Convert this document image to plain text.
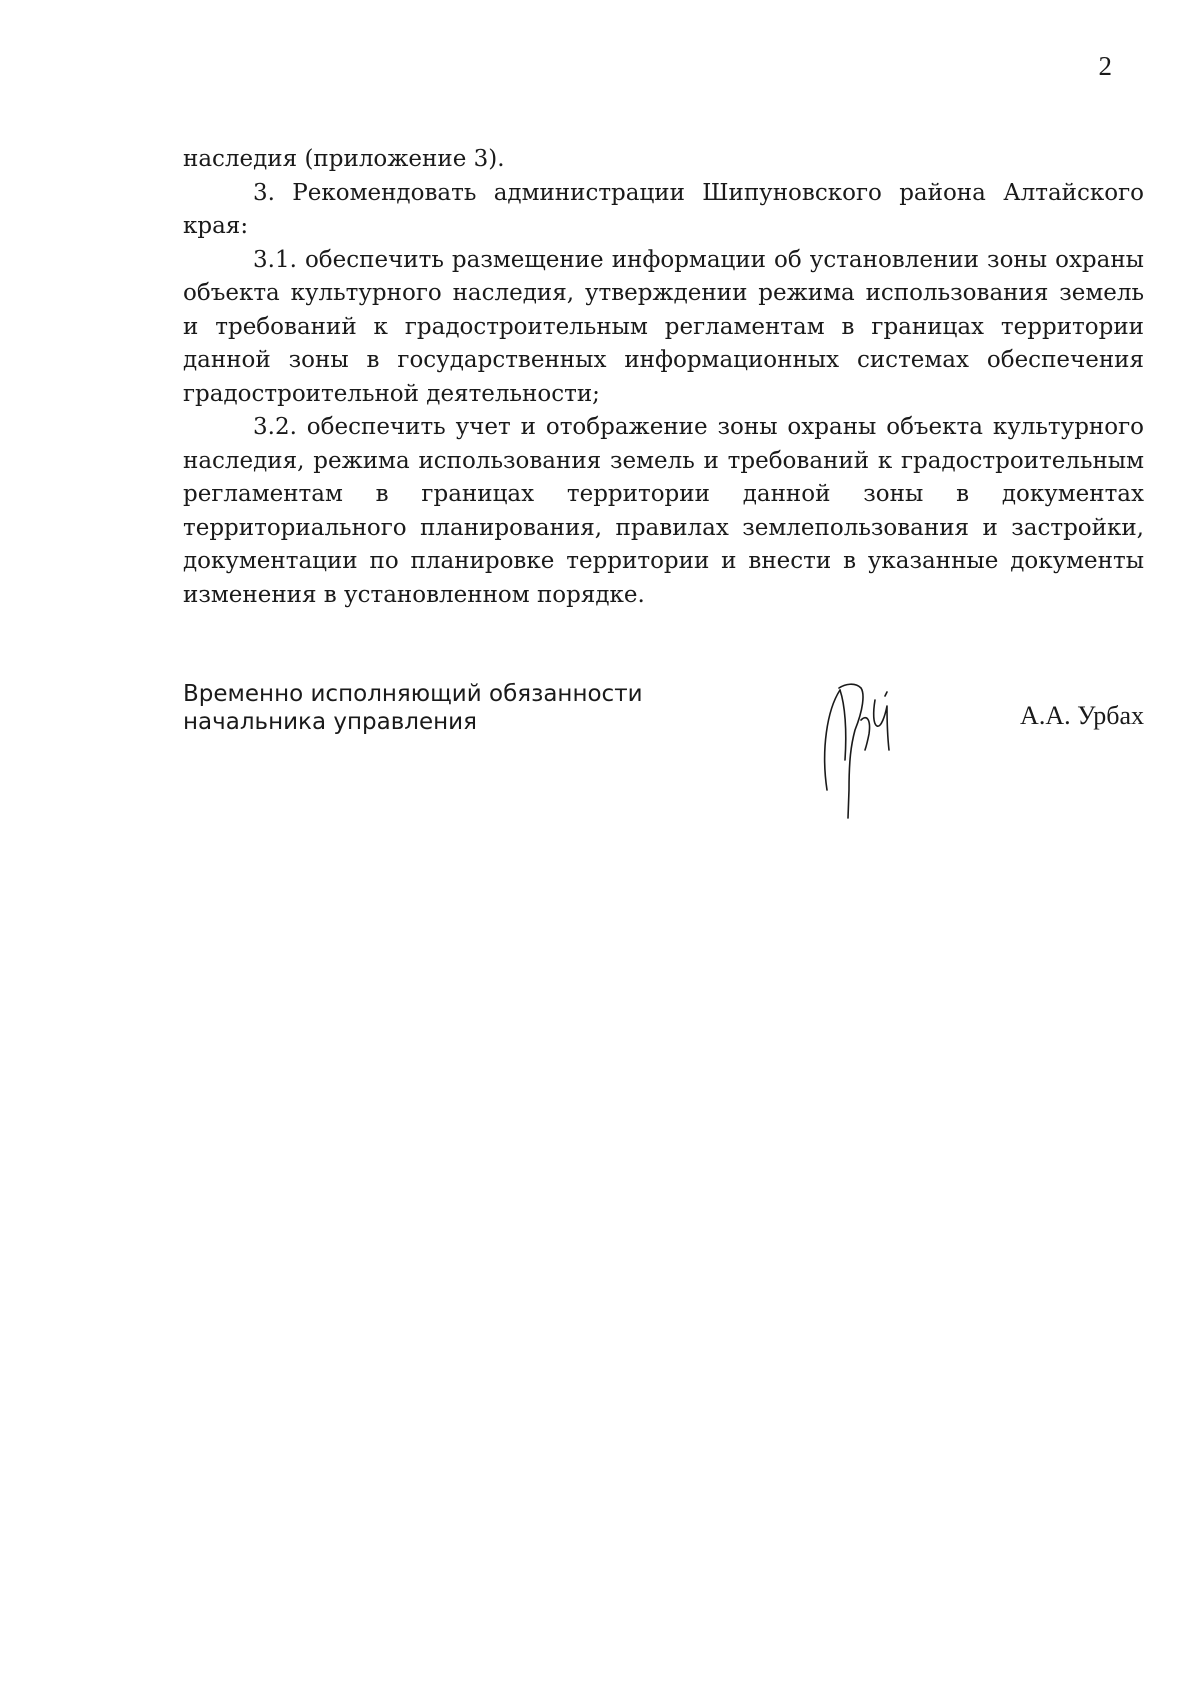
2

наследия (приложение 3).

3. Рекомендовать администрации Шипуновского района Алтайского края:

3.1. обеспечить размещение информации об установлении зоны охраны объекта культурного наследия, утверждении режима использования земель и требований к градостроительным регламентам в границах территории данной зоны в государственных информационных системах обеспечения градостроительной деятельности;

3.2. обеспечить учет и отображение зоны охраны объекта культурного наследия, режима использования земель и требований к градостроительным регламентам в границах территории данной зоны в документах территориального планирования, правилах землепользования и застройки, документации по планировке территории и внести в указанные документы изменения в установленном порядке.

Временно исполняющий обязанности
начальника управления	А.А. Урбах
